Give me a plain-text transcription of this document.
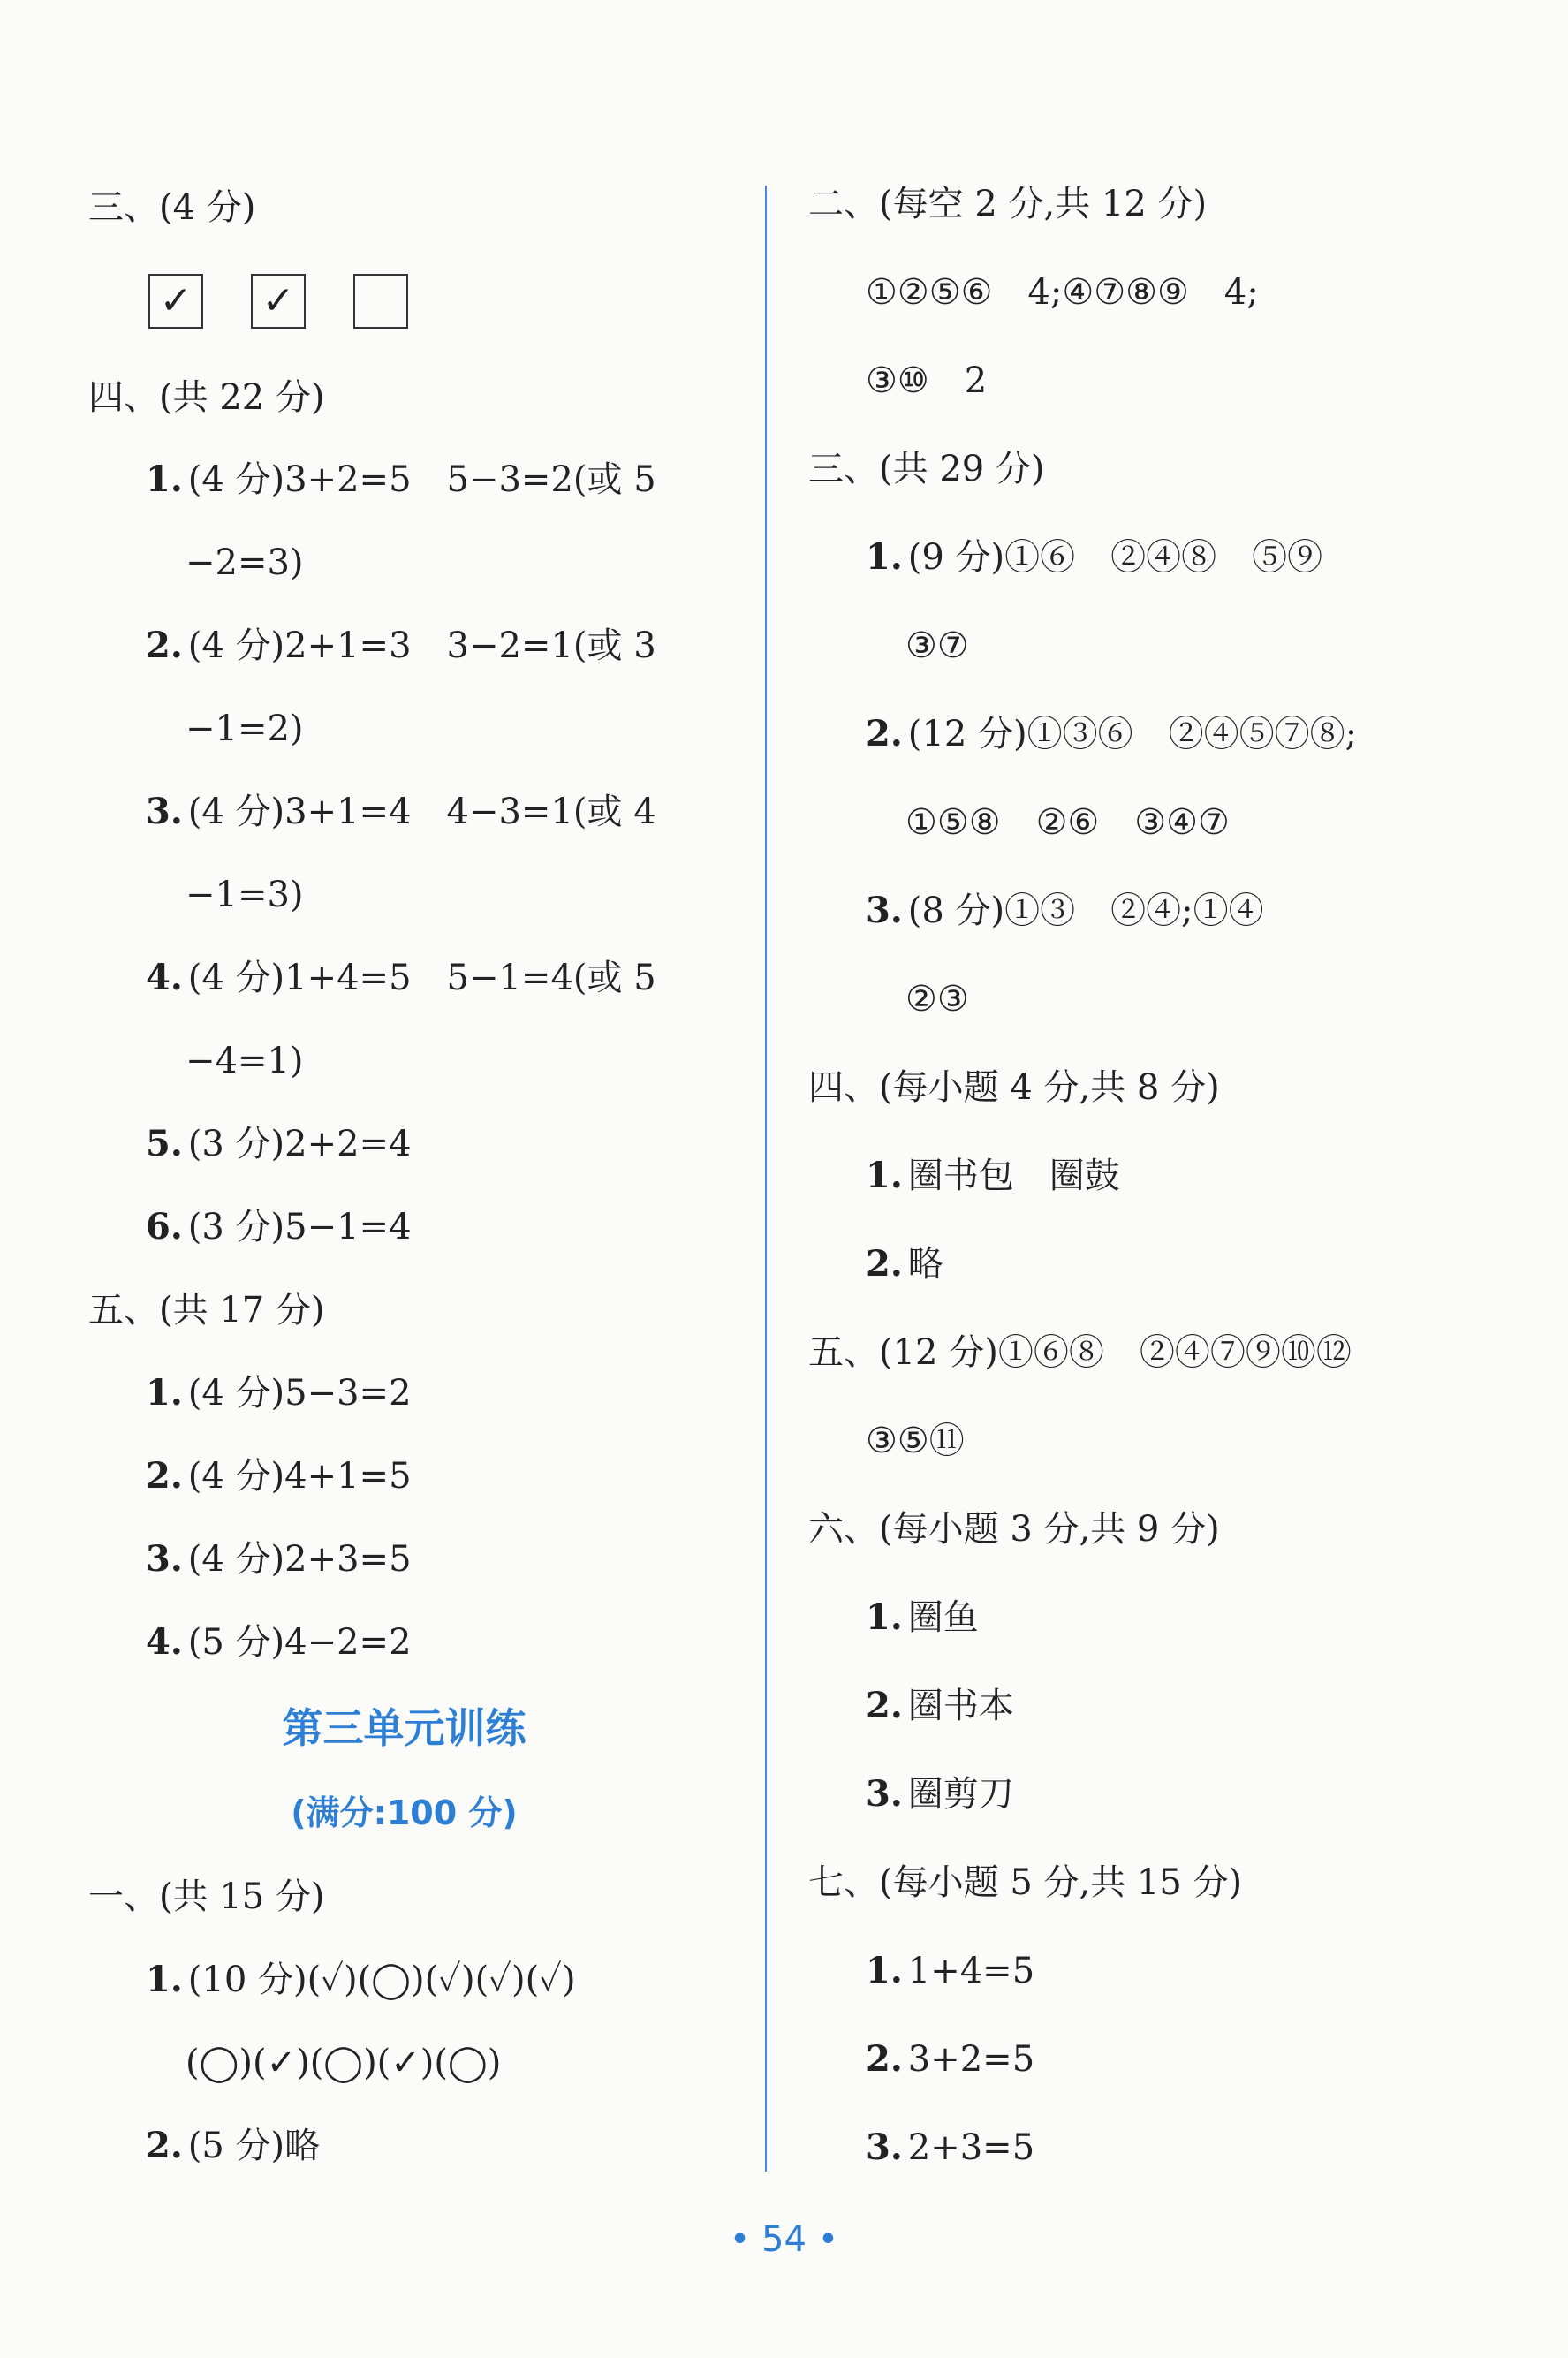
三、(4 分)
✓ ✓
四、(共 22 分)
1. (4 分)3+2=5　5−3=2(或 5
−2=3)
2. (4 分)2+1=3　3−2=1(或 3
−1=2)
3. (4 分)3+1=4　4−3=1(或 4
−1=3)
4. (4 分)1+4=5　5−1=4(或 5
−4=1)
5. (3 分)2+2=4
6. (3 分)5−1=4
五、(共 17 分)
1. (4 分)5−3=2
2. (4 分)4+1=5
3. (4 分)2+3=5
4. (5 分)4−2=2
第三单元训练
(满分:100 分)
一、(共 15 分)
1. (10 分)(✓)(◯)(✓)(✓)(✓)
(◯)(✓)(◯)(✓)(◯)
2. (5 分)略
二、(每空 2 分,共 12 分)
①②⑤⑥　4;④⑦⑧⑨　4;
③⑩　2
三、(共 29 分)
1. (9 分)①⑥　②④⑧　⑤⑨
③⑦
2. (12 分)①③⑥　②④⑤⑦⑧;
①⑤⑧　②⑥　③④⑦
3. (8 分)①③　②④;①④
②③
四、(每小题 4 分,共 8 分)
1. 圈书包　圈鼓
2. 略
五、(12 分)①⑥⑧　②④⑦⑨⑩⑫
③⑤⑪
六、(每小题 3 分,共 9 分)
1. 圈鱼
2. 圈书本
3. 圈剪刀
七、(每小题 5 分,共 15 分)
1. 1+4=5
2. 3+2=5
3. 2+3=5
• 54 •
